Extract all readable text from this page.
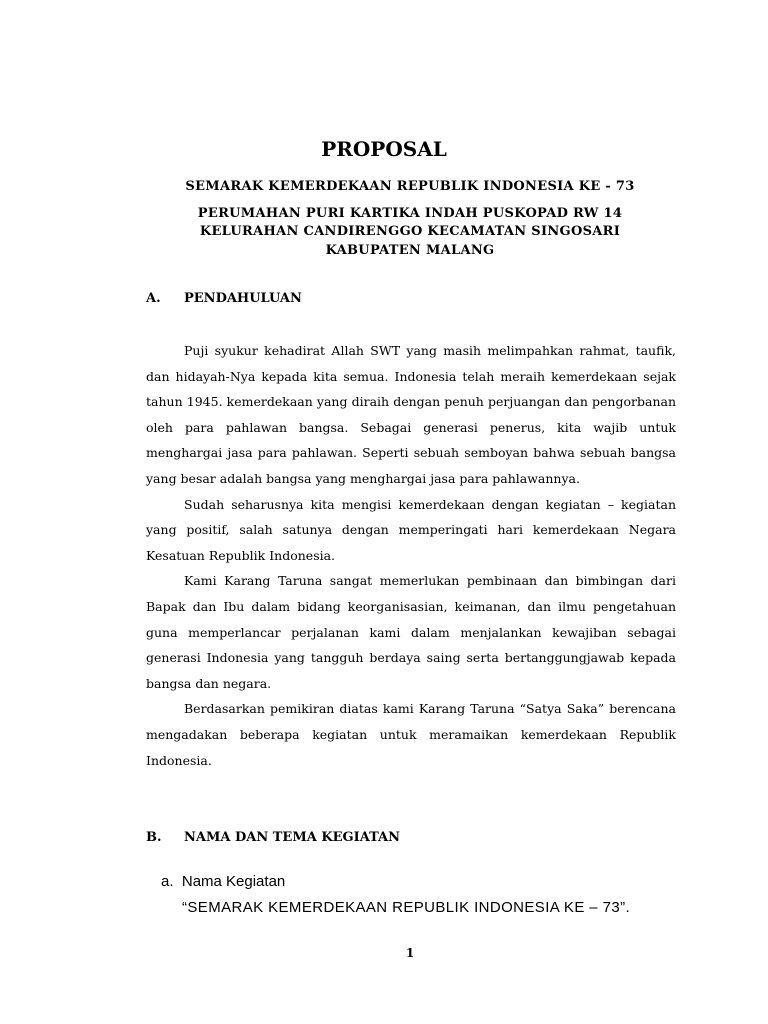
PROPOSAL
SEMARAK KEMERDEKAAN REPUBLIK INDONESIA KE - 73
PERUMAHAN PURI KARTIKA INDAH PUSKOPAD RW 14
KELURAHAN CANDIRENGGO KECAMATAN SINGOSARI
KABUPATEN MALANG
A. PENDAHULUAN

Puji syukur kehadirat Allah SWT yang masih melimpahkan rahmat, taufik, dan hidayah-Nya kepada kita semua. Indonesia telah meraih kemerdekaan sejak tahun 1945. kemerdekaan yang diraih dengan penuh perjuangan dan pengorbanan oleh para pahlawan bangsa. Sebagai generasi penerus, kita wajib untuk menghargai jasa para pahlawan. Seperti sebuah semboyan bahwa sebuah bangsa yang besar adalah bangsa yang menghargai jasa para pahlawannya.

Sudah seharusnya kita mengisi kemerdekaan dengan kegiatan – kegiatan yang positif, salah satunya dengan memperingati hari kemerdekaan Negara Kesatuan Republik Indonesia.

Kami Karang Taruna sangat memerlukan pembinaan dan bimbingan dari Bapak dan Ibu dalam bidang keorganisasian, keimanan, dan ilmu pengetahuan guna memperlancar perjalanan kami dalam menjalankan kewajiban sebagai generasi Indonesia yang tangguh berdaya saing serta bertanggungjawab kepada bangsa dan negara.

Berdasarkan pemikiran diatas kami Karang Taruna “Satya Saka” berencana mengadakan beberapa kegiatan untuk meramaikan kemerdekaan Republik Indonesia.

B. NAMA DAN TEMA KEGIATAN
a. Nama Kegiatan
“SEMARAK KEMERDEKAAN REPUBLIK INDONESIA KE – 73”.
1
